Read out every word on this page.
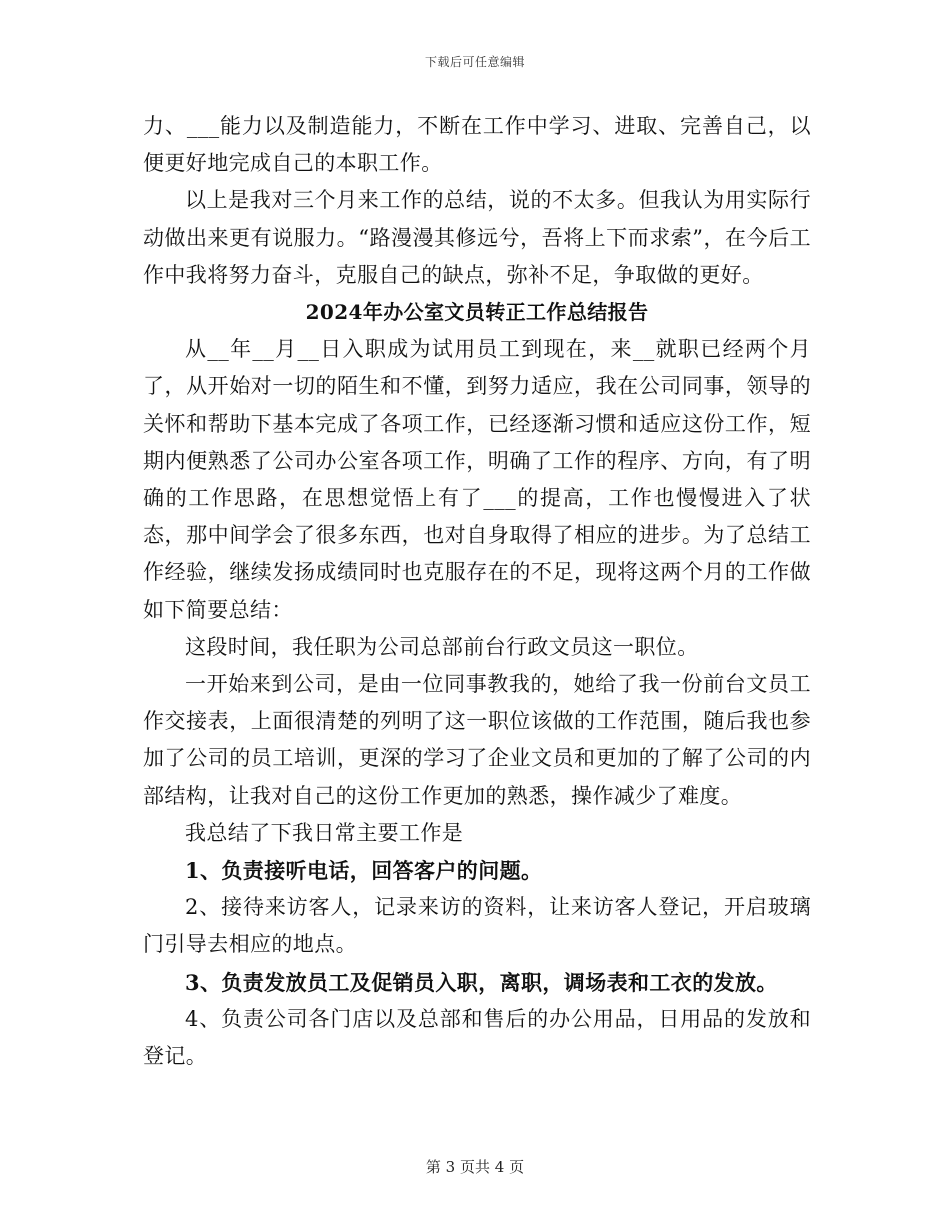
下载后可任意编辑

力、___能力以及制造能力，不断在工作中学习、进取、完善自己，以便更好地完成自己的本职工作。

以上是我对三个月来工作的总结，说的不太多。但我认为用实际行动做出来更有说服力。“路漫漫其修远兮，吾将上下而求索”，在今后工作中我将努力奋斗，克服自己的缺点，弥补不足，争取做的更好。

2024年办公室文员转正工作总结报告

从__年__月__日入职成为试用员工到现在，来__就职已经两个月了，从开始对一切的陌生和不懂，到努力适应，我在公司同事，领导的关怀和帮助下基本完成了各项工作，已经逐渐习惯和适应这份工作，短期内便熟悉了公司办公室各项工作，明确了工作的程序、方向，有了明确的工作思路，在思想觉悟上有了___的提高，工作也慢慢进入了状态，那中间学会了很多东西，也对自身取得了相应的进步。为了总结工作经验，继续发扬成绩同时也克服存在的不足，现将这两个月的工作做如下简要总结：

这段时间，我任职为公司总部前台行政文员这一职位。

一开始来到公司，是由一位同事教我的，她给了我一份前台文员工作交接表，上面很清楚的列明了这一职位该做的工作范围，随后我也参加了公司的员工培训，更深的学习了企业文员和更加的了解了公司的内部结构，让我对自己的这份工作更加的熟悉，操作减少了难度。

我总结了下我日常主要工作是

1、负责接听电话，回答客户的问题。

2、接待来访客人，记录来访的资料，让来访客人登记，开启玻璃门引导去相应的地点。

3、负责发放员工及促销员入职，离职，调场表和工衣的发放。

4、负责公司各门店以及总部和售后的办公用品，日用品的发放和登记。

第 3 页共 4 页
